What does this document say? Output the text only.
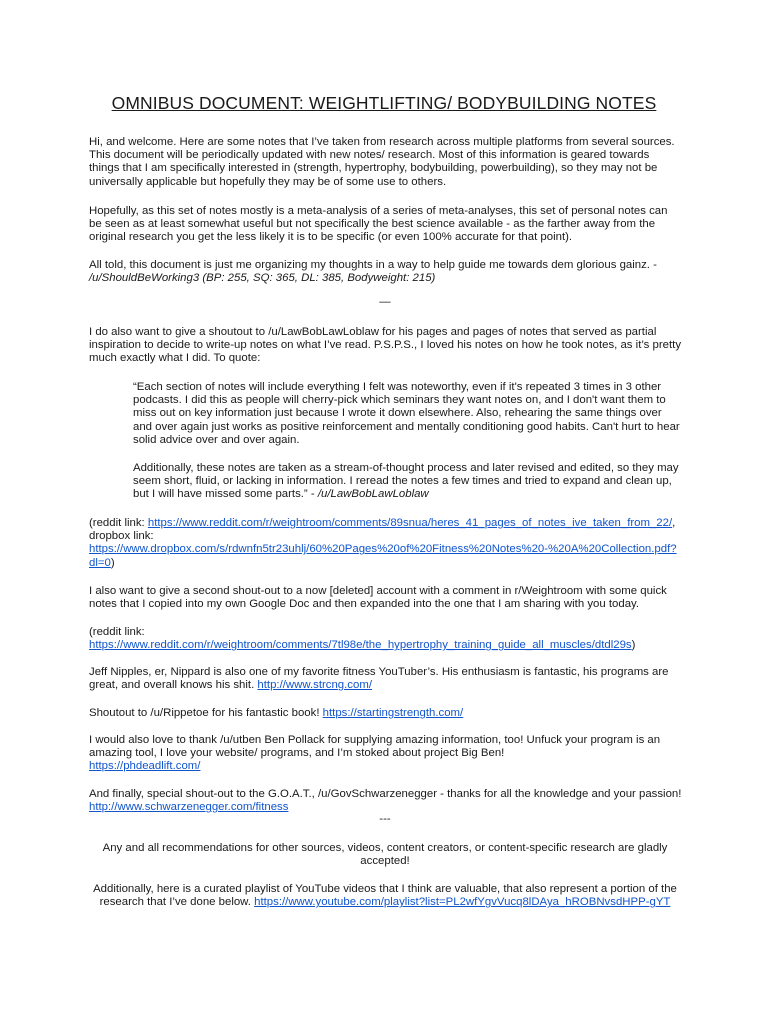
OMNIBUS DOCUMENT: WEIGHTLIFTING/ BODYBUILDING NOTES

Hi, and welcome. Here are some notes that I’ve taken from research across multiple platforms from several sources.
This document will be periodically updated with new notes/ research. Most of this information is geared towards
things that I am specifically interested in (strength, hypertrophy, bodybuilding, powerbuilding), so they may not be
universally applicable but hopefully they may be of some use to others.

Hopefully, as this set of notes mostly is a meta-analysis of a series of meta-analyses, this set of personal notes can
be seen as at least somewhat useful but not specifically the best science available - as the farther away from the
original research you get the less likely it is to be specific (or even 100% accurate for that point).

All told, this document is just me organizing my thoughts in a way to help guide me towards dem glorious gainz. -
/u/ShouldBeWorking3 (BP: 255, SQ: 365, DL: 385, Bodyweight: 215)

—

I do also want to give a shoutout to /u/LawBobLawLoblaw for his pages and pages of notes that served as partial
inspiration to decide to write-up notes on what I’ve read. P.S.P.S., I loved his notes on how he took notes, as it’s pretty
much exactly what I did. To quote:

“Each section of notes will include everything I felt was noteworthy, even if it's repeated 3 times in 3 other
podcasts. I did this as people will cherry-pick which seminars they want notes on, and I don't want them to
miss out on key information just because I wrote it down elsewhere. Also, rehearing the same things over
and over again just works as positive reinforcement and mentally conditioning good habits. Can't hurt to hear
solid advice over and over again.

Additionally, these notes are taken as a stream-of-thought process and later revised and edited, so they may
seem short, fluid, or lacking in information. I reread the notes a few times and tried to expand and clean up,
but I will have missed some parts.” - /u/LawBobLawLoblaw

(reddit link: https://www.reddit.com/r/weightroom/comments/89snua/heres_41_pages_of_notes_ive_taken_from_22/,
dropbox link:
https://www.dropbox.com/s/rdwnfn5tr23uhlj/60%20Pages%20of%20Fitness%20Notes%20-%20A%20Collection.pdf?
dl=0)

I also want to give a second shout-out to a now [deleted] account with a comment in r/Weightroom with some quick
notes that I copied into my own Google Doc and then expanded into the one that I am sharing with you today.

(reddit link:
https://www.reddit.com/r/weightroom/comments/7tl98e/the_hypertrophy_training_guide_all_muscles/dtdl29s)

Jeff Nipples, er, Nippard is also one of my favorite fitness YouTuber’s. His enthusiasm is fantastic, his programs are
great, and overall knows his shit. http://www.strcng.com/

Shoutout to /u/Rippetoe for his fantastic book! https://startingstrength.com/

I would also love to thank /u/utben Ben Pollack for supplying amazing information, too! Unfuck your program is an
amazing tool, I love your website/ programs, and I’m stoked about project Big Ben!
https://phdeadlift.com/

And finally, special shout-out to the G.O.A.T., /u/GovSchwarzenegger - thanks for all the knowledge and your passion!
http://www.schwarzenegger.com/fitness

---

Any and all recommendations for other sources, videos, content creators, or content-specific research are gladly
accepted!

Additionally, here is a curated playlist of YouTube videos that I think are valuable, that also represent a portion of the
research that I’ve done below. https://www.youtube.com/playlist?list=PL2wfYgvVucq8lDAya_hROBNvsdHPP-gYT
